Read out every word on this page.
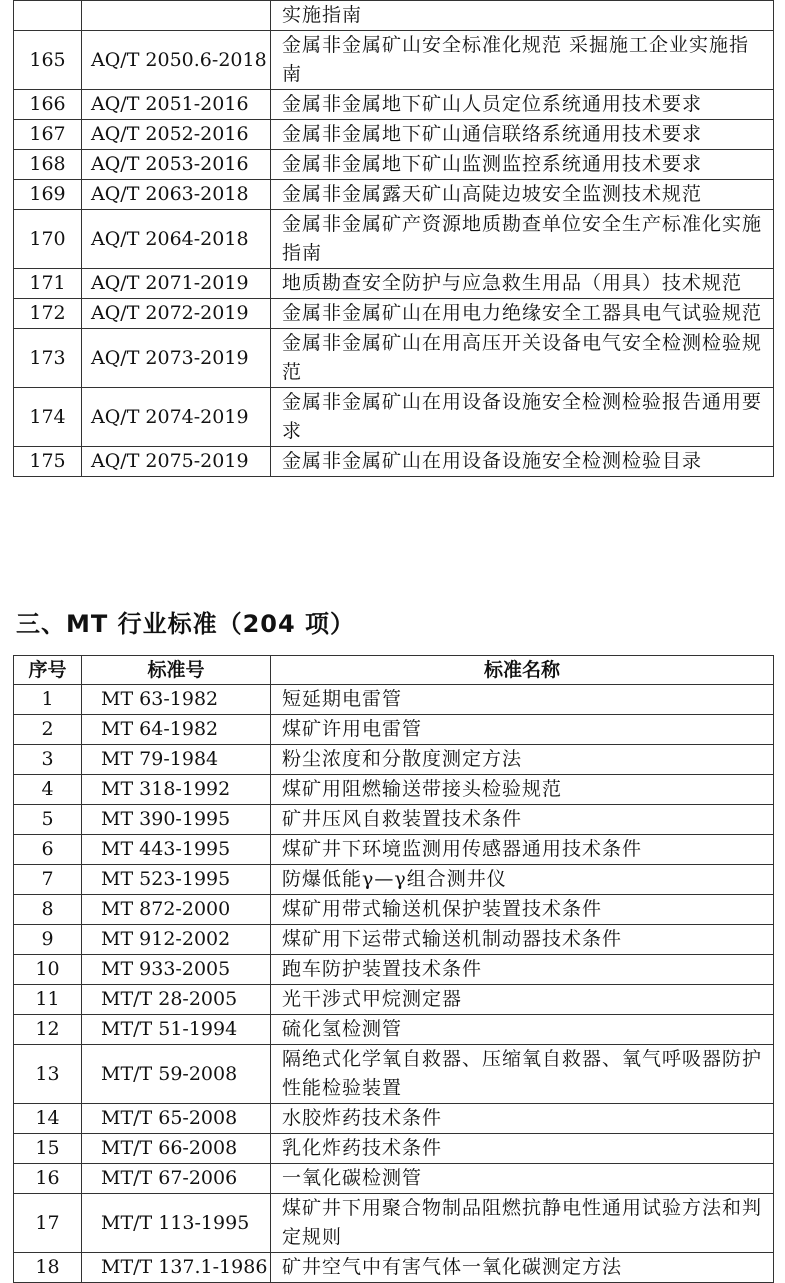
		实施指南
165	AQ/T 2050.6-2018	金属非金属矿山安全标准化规范 采掘施工企业实施指南
166	AQ/T 2051-2016	金属非金属地下矿山人员定位系统通用技术要求
167	AQ/T 2052-2016	金属非金属地下矿山通信联络系统通用技术要求
168	AQ/T 2053-2016	金属非金属地下矿山监测监控系统通用技术要求
169	AQ/T 2063-2018	金属非金属露天矿山高陡边坡安全监测技术规范
170	AQ/T 2064-2018	金属非金属矿产资源地质勘查单位安全生产标准化实施指南
171	AQ/T 2071-2019	地质勘查安全防护与应急救生用品（用具）技术规范
172	AQ/T 2072-2019	金属非金属矿山在用电力绝缘安全工器具电气试验规范
173	AQ/T 2073-2019	金属非金属矿山在用高压开关设备电气安全检测检验规范
174	AQ/T 2074-2019	金属非金属矿山在用设备设施安全检测检验报告通用要求
175	AQ/T 2075-2019	金属非金属矿山在用设备设施安全检测检验目录
三、MT 行业标准（204 项）
序号	标准号	标准名称
1	MT 63-1982	短延期电雷管
2	MT 64-1982	煤矿许用电雷管
3	MT 79-1984	粉尘浓度和分散度测定方法
4	MT 318-1992	煤矿用阻燃输送带接头检验规范
5	MT 390-1995	矿井压风自救装置技术条件
6	MT 443-1995	煤矿井下环境监测用传感器通用技术条件
7	MT 523-1995	防爆低能γ—γ组合测井仪
8	MT 872-2000	煤矿用带式输送机保护装置技术条件
9	MT 912-2002	煤矿用下运带式输送机制动器技术条件
10	MT 933-2005	跑车防护装置技术条件
11	MT/T 28-2005	光干涉式甲烷测定器
12	MT/T 51-1994	硫化氢检测管
13	MT/T 59-2008	隔绝式化学氧自救器、压缩氧自救器、氧气呼吸器防护性能检验装置
14	MT/T 65-2008	水胶炸药技术条件
15	MT/T 66-2008	乳化炸药技术条件
16	MT/T 67-2006	一氧化碳检测管
17	MT/T 113-1995	煤矿井下用聚合物制品阻燃抗静电性通用试验方法和判定规则
18	MT/T 137.1-1986	矿井空气中有害气体一氧化碳测定方法
